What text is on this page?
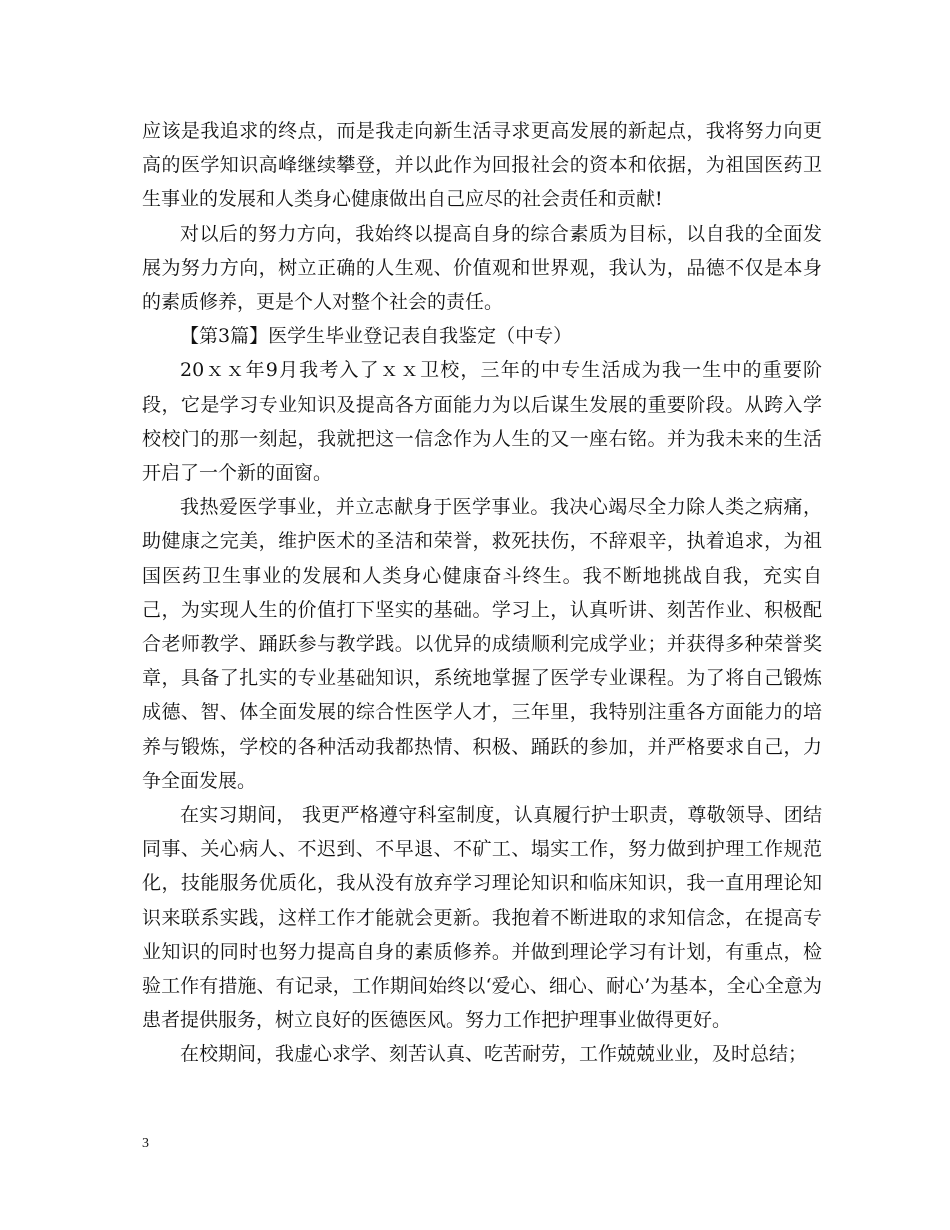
应该是我追求的终点，而是我走向新生活寻求更高发展的新起点，我将努力向更高的医学知识高峰继续攀登，并以此作为回报社会的资本和依据，为祖国医药卫生事业的发展和人类身心健康做出自己应尽的社会责任和贡献!

对以后的努力方向，我始终以提高自身的综合素质为目标，以自我的全面发展为努力方向，树立正确的人生观、价值观和世界观，我认为，品德不仅是本身的素质修养，更是个人对整个社会的责任。

【第3篇】医学生毕业登记表自我鉴定（中专）

20ｘｘ年9月我考入了ｘｘ卫校，三年的中专生活成为我一生中的重要阶段，它是学习专业知识及提高各方面能力为以后谋生发展的重要阶段。从跨入学校校门的那一刻起，我就把这一信念作为人生的又一座右铭。并为我未来的生活开启了一个新的面窗。

我热爱医学事业，并立志献身于医学事业。我决心竭尽全力除人类之病痛，助健康之完美，维护医术的圣洁和荣誉，救死扶伤，不辞艰辛，执着追求，为祖国医药卫生事业的发展和人类身心健康奋斗终生。我不断地挑战自我，充实自己，为实现人生的价值打下坚实的基础。学习上，认真听讲、刻苦作业、积极配合老师教学、踊跃参与教学践。以优异的成绩顺利完成学业；并获得多种荣誉奖章，具备了扎实的专业基础知识，系统地掌握了医学专业课程。为了将自己锻炼成德、智、体全面发展的综合性医学人才，三年里，我特别注重各方面能力的培养与锻炼，学校的各种活动我都热情、积极、踊跃的参加，并严格要求自己，力争全面发展。

在实习期间， 我更严格遵守科室制度，认真履行护士职责，尊敬领导、团结同事、关心病人、不迟到、不早退、不矿工、塌实工作，努力做到护理工作规范化，技能服务优质化，我从没有放弃学习理论知识和临床知识，我一直用理论知识来联系实践，这样工作才能就会更新。我抱着不断进取的求知信念，在提高专业知识的同时也努力提高自身的素质修养。并做到理论学习有计划，有重点，检验工作有措施、有记录，工作期间始终以‘爱心、细心、耐心’为基本，全心全意为患者提供服务，树立良好的医德医风。努力工作把护理事业做得更好。

在校期间，我虚心求学、刻苦认真、吃苦耐劳，工作兢兢业业，及时总结；

3
